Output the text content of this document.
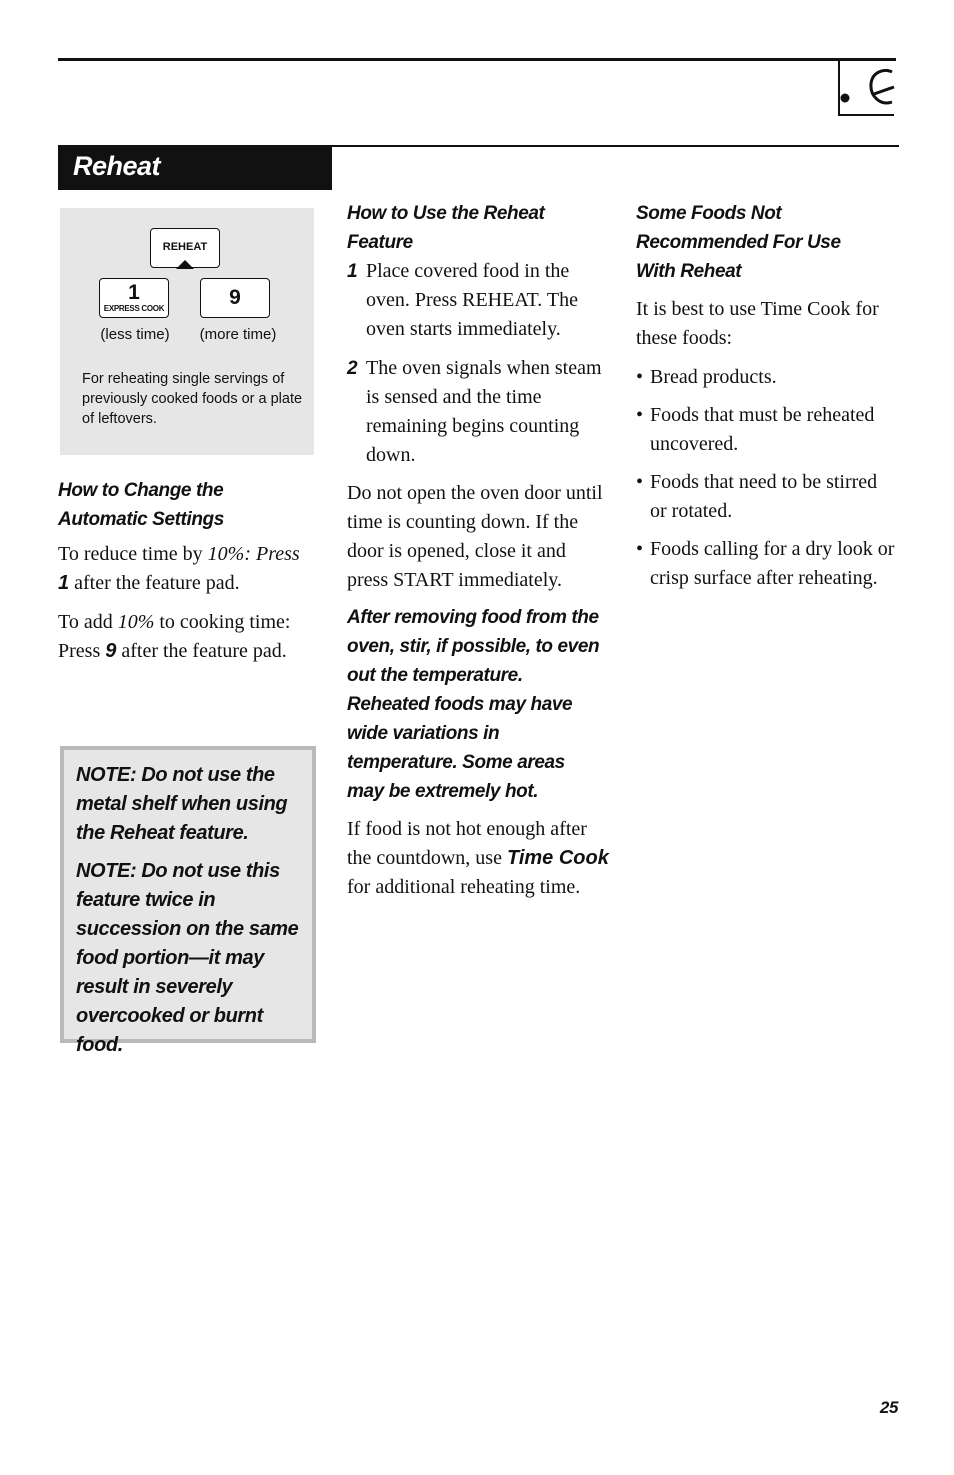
Reheat
REHEAT
1
EXPRESS COOK	9
(less time) (more time)
For reheating single servings of previously cooked foods or a plate of leftovers.
How to Change the
Automatic Settings

To reduce time by 10%: Press 1 after the feature pad.

To add 10% to cooking time: Press 9 after the feature pad.

NOTE: Do not use the metal shelf when using the Reheat feature.
NOTE: Do not use this feature twice in succession on the same food portion—it may result in severely overcooked or burnt food.
How to Use the Reheat
Feature
1 Place covered food in the oven. Press REHEAT. The oven starts immediately.
2 The oven signals when steam is sensed and the time remaining begins counting down.

Do not open the oven door until time is counting down. If the door is opened, close it and press START immediately.

After removing food from the oven, stir, if possible, to even out the temperature. Reheated foods may have wide variations in temperature. Some areas may be extremely hot.

If food is not hot enough after the countdown, use Time Cook for additional reheating time.

Some Foods Not
Recommended For Use
With Reheat

It is best to use Time Cook for these foods:

• Bread products.
• Foods that must be reheated uncovered.
• Foods that need to be stirred or rotated.
• Foods calling for a dry look or crisp surface after reheating.
25
